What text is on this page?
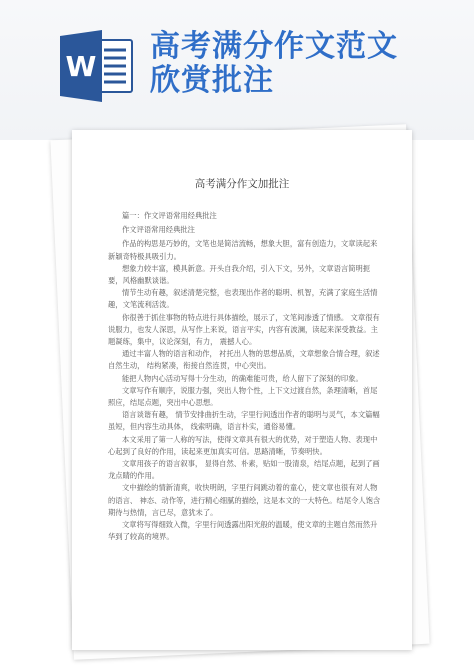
W
高考满分作文范文
欣赏批注
高考满分作文加批注

篇一：作文评语常用经典批注

作文评语常用经典批注

作品的构思是巧妙的，文笔也是简洁流畅，想象大胆，富有创造力，文章读起来新颖奇特极具吸引力。

想象力较丰富，模具新意。开头自我介绍，引入下文，另外，文章语言简明扼要，风格幽默谈谐。

情节生动有趣，叙述清楚完整，也表现出作者的聪明、机智，充满了家庭生活情趣，文笔流利活泼。

你很善于抓住事物的特点进行具体描绘，展示了，文笔间渗透了情感。 文章很有说服力，也发人深思，从写作上来说，语言平实，内容有波澜，读起来深受教益。主题凝练，集中，议论深刻，有力， 震撼人心。

通过丰富人物的语言和动作， 衬托出人物的思想品质，文章想象合情合理，叙述自然生动， 结构紧凑，衔接自然连贯，中心突出。

能把人物内心活动写得十分生动，的确难能可贵，给人留下了深刻的印象。

文章写作有顺序，说服力强，突出人物个性，上下文过渡自然，条理清晰，首尾照应，结尾点题，突出中心思想。

语言谈谐有趣， 情节安排曲折生动，字里行间透出作者的聪明与灵气，本文篇幅虽短，但内容生动具体， 线索明确，语言朴实，通俗易懂。

本文采用了第一人称的写法，使得文章具有很大的优势，对于塑造人物、表现中心起到了良好的作用，读起来更加真实可信。思路清晰，节奏明快。

文章用孩子的语言叙事， 显得自然、朴素，贴如一股清泉，结尾点题，起到了画龙点睛的作用。

文中描绘的情新清爽，收快明朗，字里行间跳动着的童心，使文章也很有对人物的语言、 神态、动作等，进行精心细腻的描绘，这是本文的一大特色。结尾令人饱含期待与热情，言已尽，意犹未了。

文章将写得细致入微，字里行间透露出阳光般的温暖，使文章的主题自然而然升华到了较高的境界。
